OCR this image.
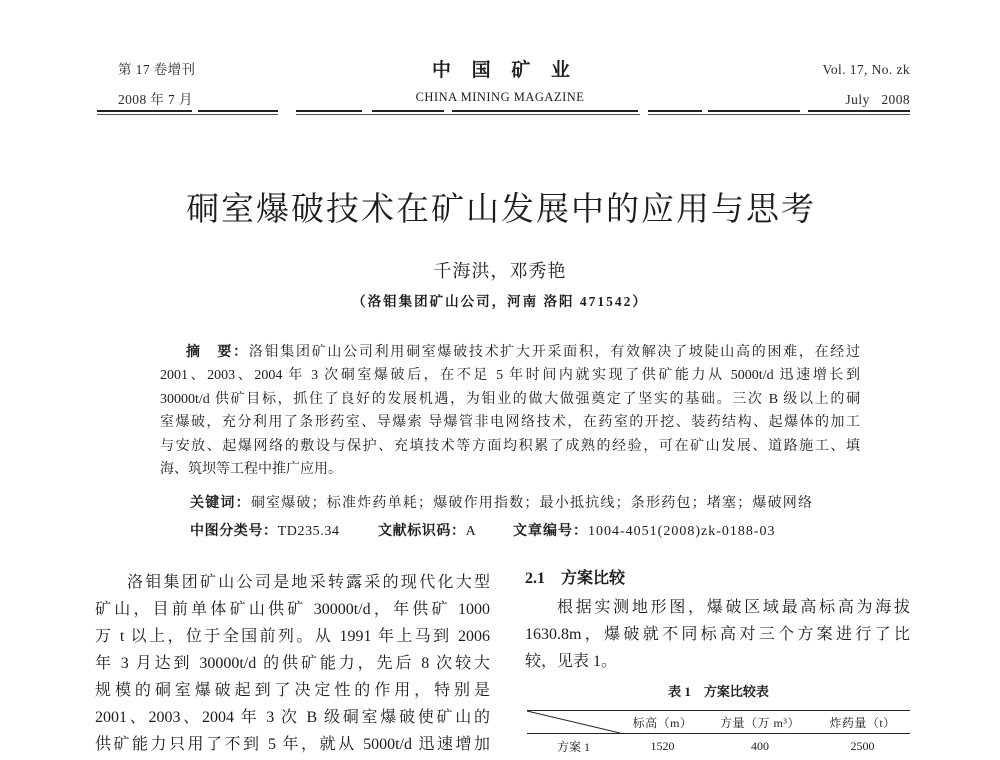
第 17 卷增刊
2008 年 7 月
中 国 矿 业
CHINA MINING MAGAZINE
Vol. 17, No. zk
July 2008
硐室爆破技术在矿山发展中的应用与思考
千海洪，邓秀艳
（洛钼集团矿山公司，河南 洛阳 471542）
摘　要：洛钼集团矿山公司利用硐室爆破技术扩大开采面积，有效解决了坡陡山高的困难，在经过
2001、2003、2004 年 3 次硐室爆破后，在不足 5 年时间内就实现了供矿能力从 5000t/d 迅速增长到
30000t/d 供矿目标，抓住了良好的发展机遇，为钼业的做大做强奠定了坚实的基础。三次 B 级以上的硐
室爆破，充分利用了条形药室、导爆索 导爆管非电网络技术，在药室的开挖、装药结构、起爆体的加工
与安放、起爆网络的敷设与保护、充填技术等方面均积累了成熟的经验，可在矿山发展、道路施工、填
海、筑坝等工程中推广应用。
关键词：硐室爆破；标准炸药单耗；爆破作用指数；最小抵抗线；条形药包；堵塞；爆破网络
中图分类号：TD235.34	文献标识码：A	文章编号：1004-4051(2008)zk-0188-03
洛钼集团矿山公司是地采转露采的现代化大型
矿山，目前单体矿山供矿 30000t/d，年供矿 1000
万 t 以上，位于全国前列。从 1991 年上马到 2006
年 3 月达到 30000t/d 的供矿能力，先后 8 次较大
规模的硐室爆破起到了决定性的作用，特别是
2001、2003、2004 年 3 次 B 级硐室爆破使矿山的
供矿能力只用了不到 5 年，就从 5000t/d 迅速增加
2.1　方案比较
根据实测地形图，爆破区域最高标高为海拔
1630.8m，爆破就不同标高对三个方案进行了比
较，见表 1。
表 1　方案比较表
	标高（m）	方量（万 m³）	炸药量（t）
方案 1	1520	400	2500
